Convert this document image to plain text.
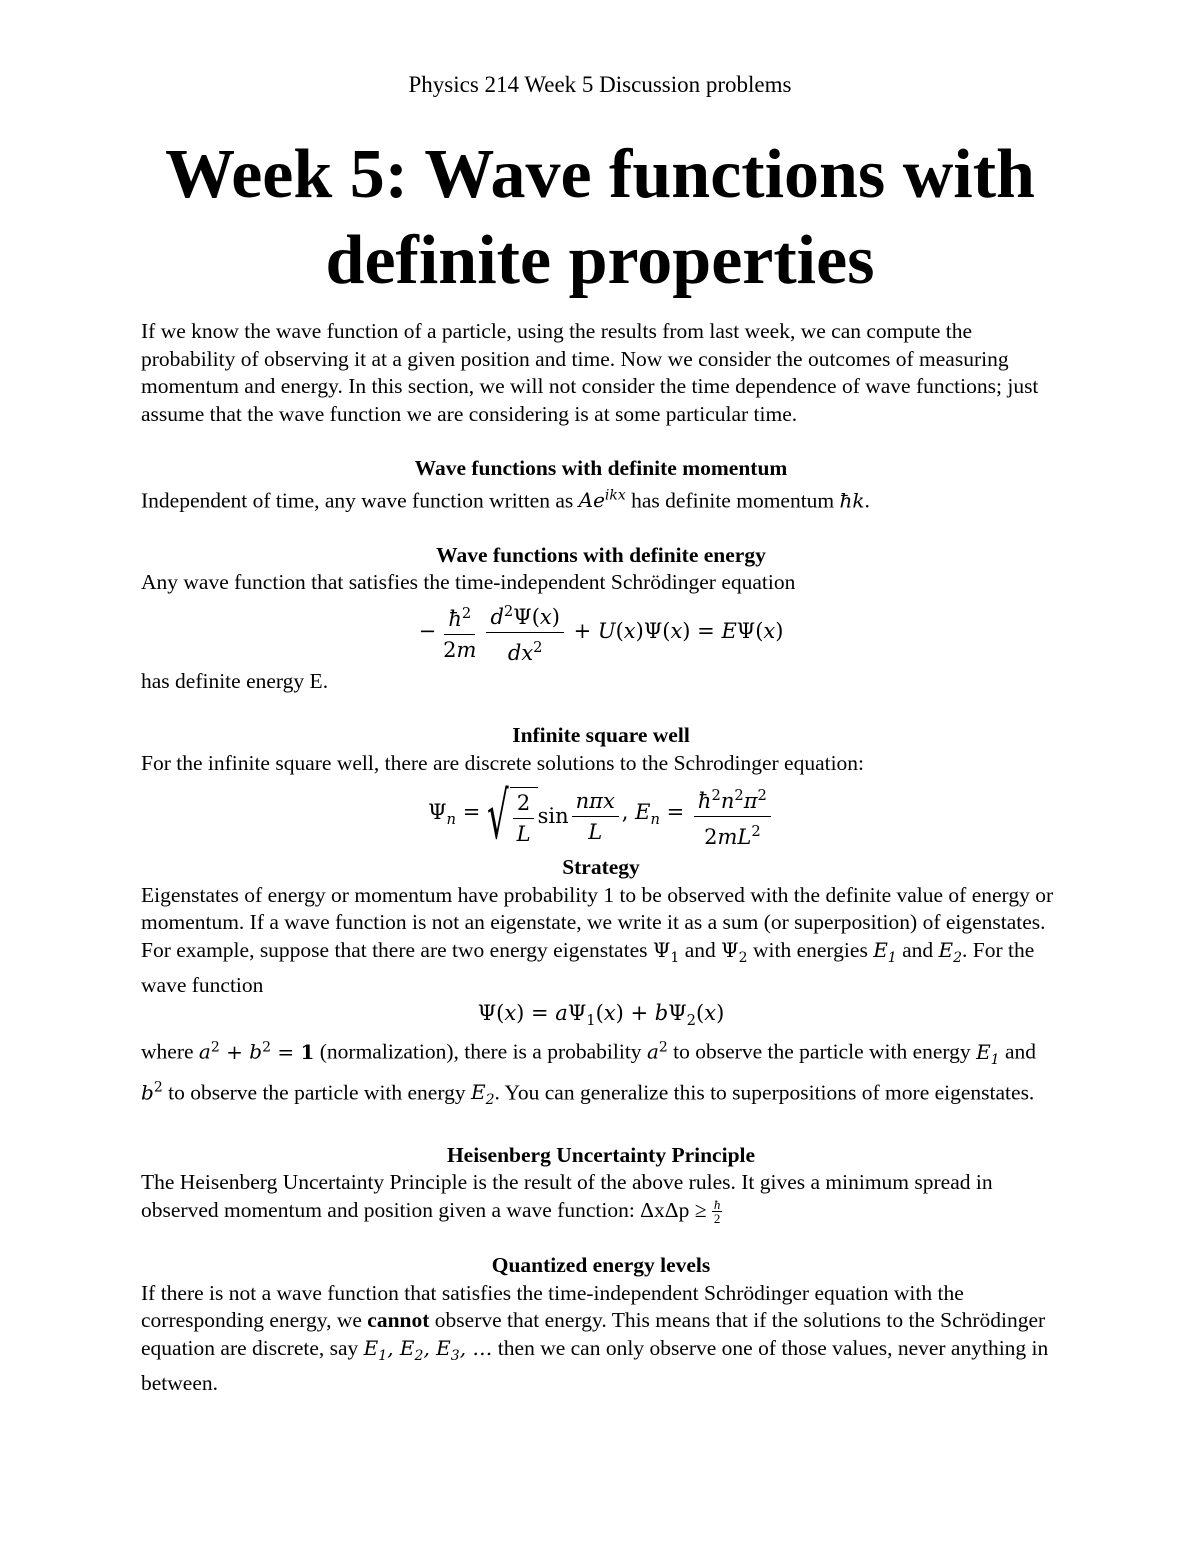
Physics 214 Week 5 Discussion problems
Week 5: Wave functions with
definite properties

If we know the wave function of a particle, using the results from last week, we can compute the probability of observing it at a given position and time. Now we consider the outcomes of measuring momentum and energy. In this section, we will not consider the time dependence of wave functions; just assume that the wave function we are considering is at some particular time.

Wave functions with definite momentum

Independent of time, any wave function written as $Ae^{ikx}$ has definite momentum ħk.

Wave functions with definite energy

Any wave function that satisfies the time-independent Schrödinger equation

− $\frac{ħ^2}{2m} \frac{d^2\Psi(x)}{dx^2} + U(x)\Psi(x) = E\Psi(x)$

has definite energy E.

Infinite square well

For the infinite square well, there are discrete solutions to the Schrodinger equation:

$\Psi_n$ = √ $\frac{2}{L}$ $\sin \frac{\text{nπx}}{L}$ , $E_n = \frac{ħ^2n^2\pi^2}{2mL^2}$

Strategy

Eigenstates of energy or momentum have probability 1 to be observed with the definite value of energy or momentum. If a wave function is not an eigenstate, we write it as a sum (or superposition) of eigenstates. For example, suppose that there are two energy eigenstates $\Psi_1$ and $\Psi_2$ with energies $E_1$ and $E_2$. For the wave function

$\Psi(x) = a\Psi_1(x) + b\Psi_2(x)$

where $a^2 + b^2 = 1$ (normalization), there is a probability $a^2$ to observe the particle with energy $E_1$ and $b^2$ to observe the particle with energy $E_2$. You can generalize this to superpositions of more eigenstates.

Heisenberg Uncertainty Principle

The Heisenberg Uncertainty Principle is the result of the above rules. It gives a minimum spread in observed momentum and position given a wave function: $\Delta x\Delta p \ge \frac{ħ}{2}$

Quantized energy levels

If there is not a wave function that satisfies the time-independent Schrödinger equation with the corresponding energy, we cannot observe that energy. This means that if the solutions to the Schrödinger equation are discrete, say $E_1$, $E_2$, $E_3$, … then we can only observe one of those values, never anything in between.
